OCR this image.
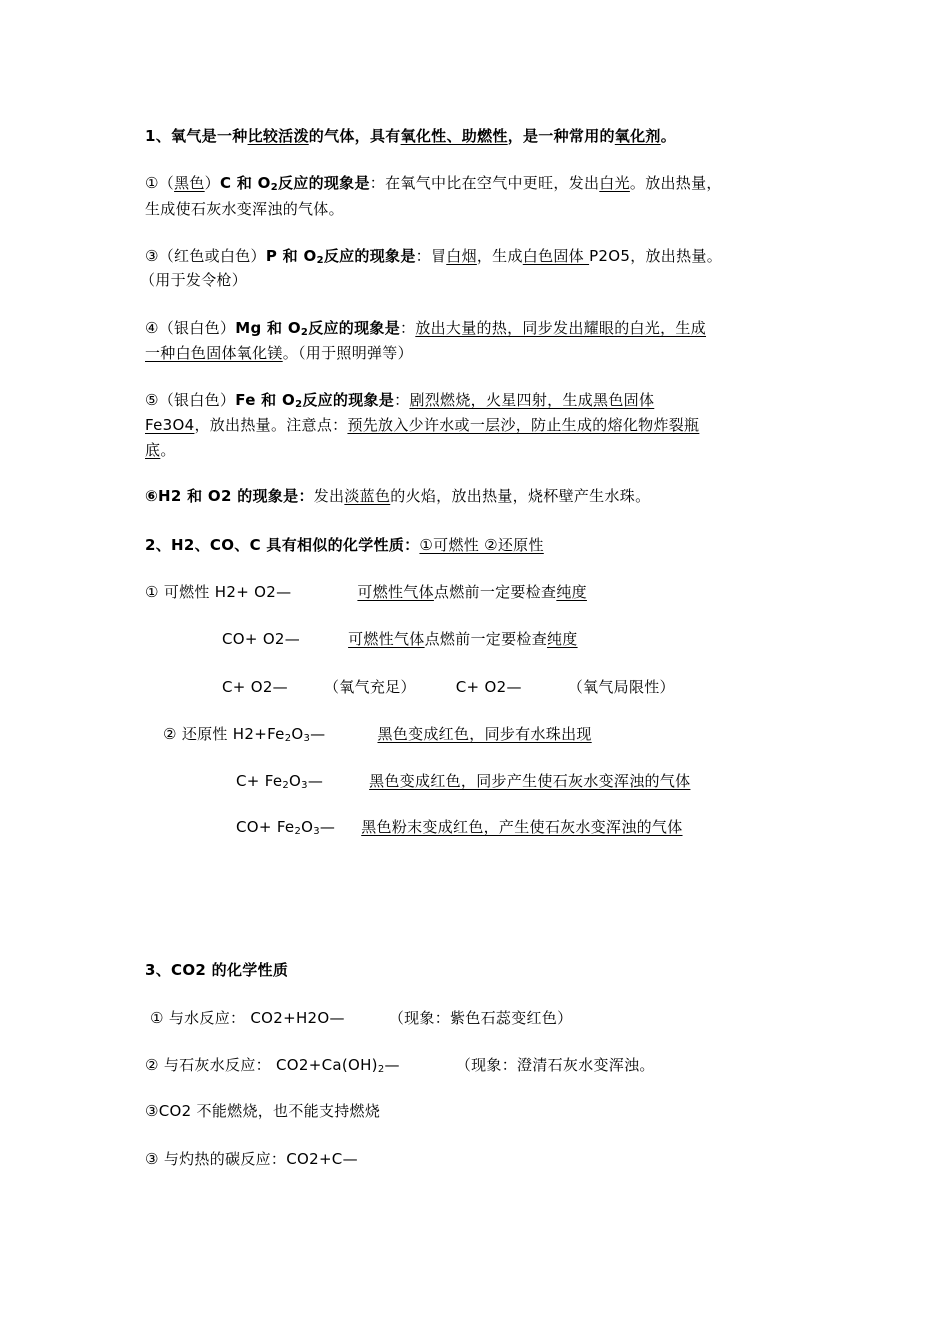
1、氧气是一种比较活泼的气体，具有氧化性、助燃性，是一种常用的氧化剂。
①（黑色）C 和 $O_2$反应的现象是：在氧气中比在空气中更旺，发出白光。放出热量，
生成使石灰水变浑浊的气体。
③（红色或白色）P 和 $O_2$反应的现象是：冒白烟，生成白色固体 P2O5，放出热量。
（用于发令枪）
④（银白色）Mg 和 $O_2$反应的现象是：放出大量的热，同步发出耀眼的白光，生成
一种白色固体氧化镁。（用于照明弹等）
⑤（银白色）Fe 和 $O_2$反应的现象是：剧烈燃烧，火星四射，生成黑色固体
Fe3O4，放出热量。注意点：预先放入少许水或一层沙，防止生成的熔化物炸裂瓶
底。
⑥H2 和 O2 的现象是：发出淡蓝色的火焰，放出热量，烧杯壁产生水珠。
2、H2、CO、C 具有相似的化学性质：①可燃性 ②还原性
① 可燃性 H2+ O2—	可燃性气体点燃前一定要检查纯度
CO+ O2—	可燃性气体点燃前一定要检查纯度
C+ O2— （氧气充足）	C+ O2—	（氧气局限性）
② 还原性 $H2+Fe_2O_3—$	黑色变成红色，同步有水珠出现
$C+ Fe_2O_3—$	黑色变成红色，同步产生使石灰水变浑浊的气体
$CO+ Fe_2O_3—$ 黑色粉末变成红色，产生使石灰水变浑浊的气体
3、CO2 的化学性质
① 与水反应： CO2+H2O—	（现象：紫色石蕊变红色）
② 与石灰水反应： $CO2+Ca(OH)_2—$	（现象：澄清石灰水变浑浊。
③CO2 不能燃烧，也不能支持燃烧
③ 与灼热的碳反应：CO2+C—
